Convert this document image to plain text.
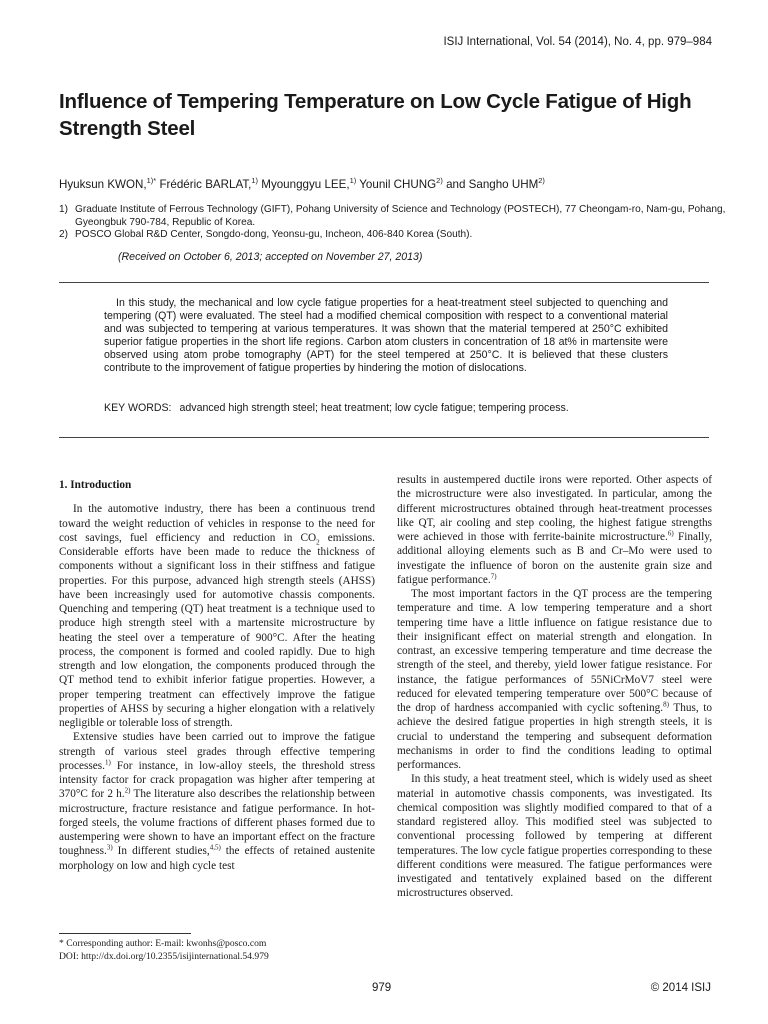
ISIJ International, Vol. 54 (2014), No. 4, pp. 979–984
Influence of Tempering Temperature on Low Cycle Fatigue of High
Strength Steel
Hyuksun KWON,$^{1)*}$ Frédéric BARLAT,$^{1)}$ Myounggyu LEE,$^{1)}$ Younil CHUNG$^{2)}$ and Sangho UHM$^{2)}$
1) Graduate Institute of Ferrous Technology (GIFT), Pohang University of Science and Technology (POSTECH), 77 Cheongam-ro, Nam-gu, Pohang, Gyeongbuk 790-784, Republic of Korea.
2) POSCO Global R&D Center, Songdo-dong, Yeonsu-gu, Incheon, 406-840 Korea (South).
(Received on October 6, 2013; accepted on November 27, 2013)
In this study, the mechanical and low cycle fatigue properties for a heat-treatment steel subjected to quenching and tempering (QT) were evaluated. The steel had a modified chemical composition with respect to a conventional material and was subjected to tempering at various temperatures. It was shown that the material tempered at 250°C exhibited superior fatigue properties in the short life regions. Carbon atom clusters in concentration of 18 at% in martensite were observed using atom probe tomography (APT) for the steel tempered at 250°C. It is believed that these clusters contribute to the improvement of fatigue properties by hindering the motion of dislocations.
KEY WORDS: advanced high strength steel; heat treatment; low cycle fatigue; tempering process.
1. Introduction

In the automotive industry, there has been a continuous trend toward the weight reduction of vehicles in response to the need for cost savings, fuel efficiency and reduction in $CO_2$ emissions. Considerable efforts have been made to reduce the thickness of components without a significant loss in their stiffness and fatigue properties. For this purpose, advanced high strength steels (AHSS) have been increasingly used for automotive chassis components. Quenching and tempering (QT) heat treatment is a technique used to produce high strength steel with a martensite microstructure by heating the steel over a temperature of 900°C. After the heating process, the component is formed and cooled rapidly. Due to high strength and low elongation, the components produced through the QT method tend to exhibit inferior fatigue properties. However, a proper tempering treatment can effectively improve the fatigue properties of AHSS by securing a higher elongation with a relatively negligible or tolerable loss of strength.

Extensive studies have been carried out to improve the fatigue strength of various steel grades through effective tempering processes.$^{1)}$ For instance, in low-alloy steels, the threshold stress intensity factor for crack propagation was higher after tempering at 370°C for 2 h.$^{2)}$ The literature also describes the relationship between microstructure, fracture resistance and fatigue performance. In hot-forged steels, the volume fractions of different phases formed due to austempering were shown to have an important effect on the fracture toughness.$^{3)}$ In different studies,$^{4,5)}$ the effects of retained austenite morphology on low and high cycle test

results in austempered ductile irons were reported. Other aspects of the microstructure were also investigated. In particular, among the different microstructures obtained through heat-treatment processes like QT, air cooling and step cooling, the highest fatigue strengths were achieved in those with ferrite-bainite microstructure.$^{6)}$ Finally, additional alloying elements such as B and Cr–Mo were used to investigate the influence of boron on the austenite grain size and fatigue performance.$^{7)}$

The most important factors in the QT process are the tempering temperature and time. A low tempering temperature and a short tempering time have a little influence on fatigue resistance due to their insignificant effect on material strength and elongation. In contrast, an excessive tempering temperature and time decrease the strength of the steel, and thereby, yield lower fatigue resistance. For instance, the fatigue performances of 55NiCrMoV7 steel were reduced for elevated tempering temperature over 500°C because of the drop of hardness accompanied with cyclic softening.$^{8)}$ Thus, to achieve the desired fatigue properties in high strength steels, it is crucial to understand the tempering and subsequent deformation mechanisms in order to find the conditions leading to optimal performances.

In this study, a heat treatment steel, which is widely used as sheet material in automotive chassis components, was investigated. Its chemical composition was slightly modified compared to that of a standard registered alloy. This modified steel was subjected to conventional processing followed by tempering at different temperatures. The low cycle fatigue properties corresponding to these different conditions were measured. The fatigue performances were investigated and tentatively explained based on the different microstructures observed.

* Corresponding author: E-mail: kwonhs@posco.com
DOI: http://dx.doi.org/10.2355/isijinternational.54.979
979	© 2014 ISIJ
